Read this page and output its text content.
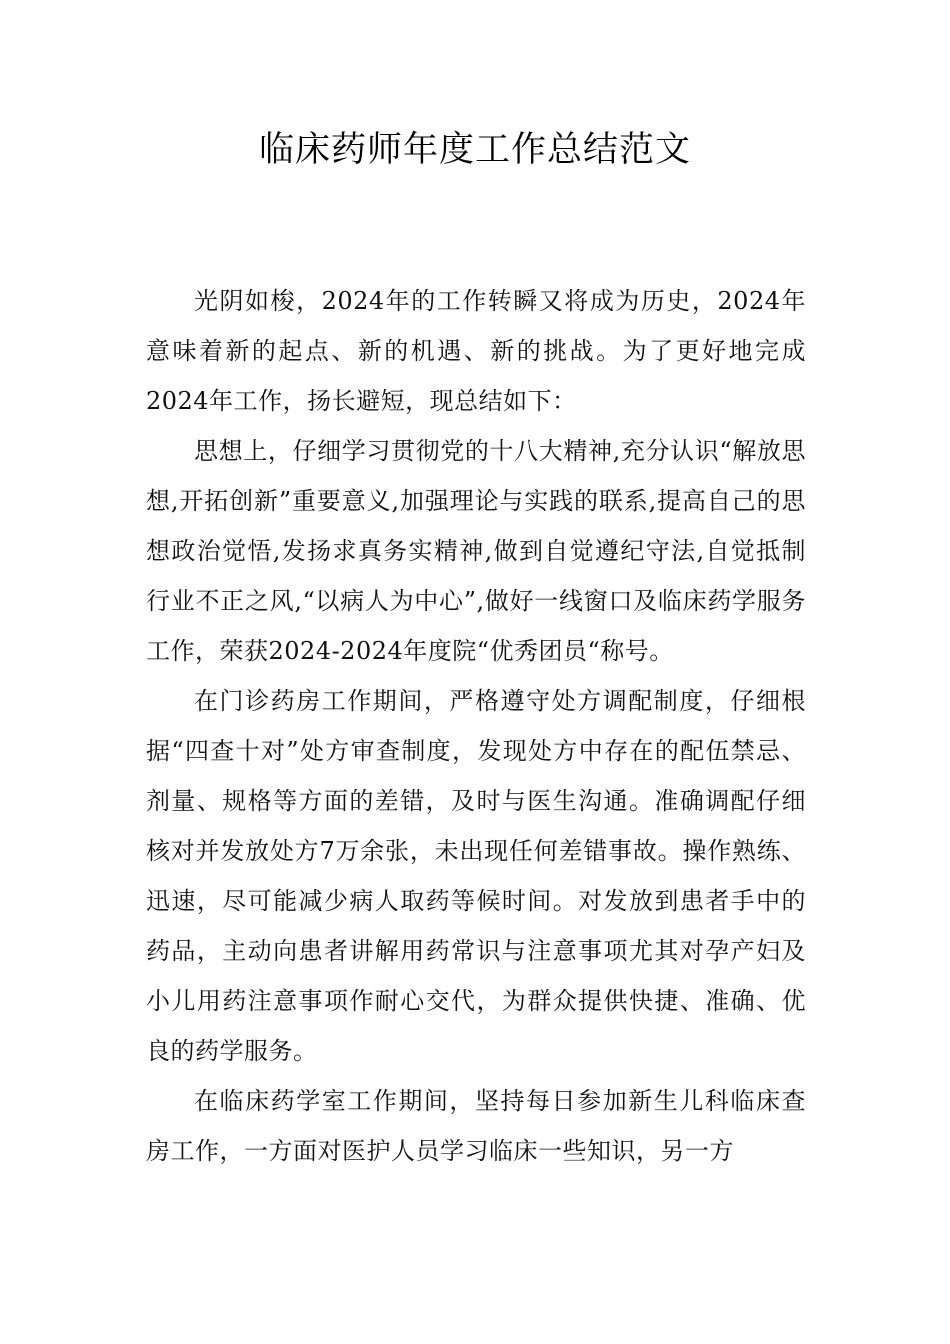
临床药师年度工作总结范文

光阴如梭，2024年的工作转瞬又将成为历史，2024年意味着新的起点、新的机遇、新的挑战。为了更好地完成2024年工作，扬长避短，现总结如下：

思想上，仔细学习贯彻党的十八大精神,充分认识“解放思想,开拓创新”重要意义,加强理论与实践的联系,提高自己的思想政治觉悟,发扬求真务实精神,做到自觉遵纪守法,自觉抵制行业不正之风,“以病人为中心”,做好一线窗口及临床药学服务工作，荣获2024-2024年度院“优秀团员“称号。

在门诊药房工作期间，严格遵守处方调配制度，仔细根据“四查十对”处方审查制度，发现处方中存在的配伍禁忌、剂量、规格等方面的差错，及时与医生沟通。准确调配仔细核对并发放处方7万余张，未出现任何差错事故。操作熟练、迅速，尽可能减少病人取药等候时间。对发放到患者手中的药品，主动向患者讲解用药常识与注意事项尤其对孕产妇及小儿用药注意事项作耐心交代，为群众提供快捷、准确、优良的药学服务。

在临床药学室工作期间，坚持每日参加新生儿科临床查房工作，一方面对医护人员学习临床一些知识，另一方
